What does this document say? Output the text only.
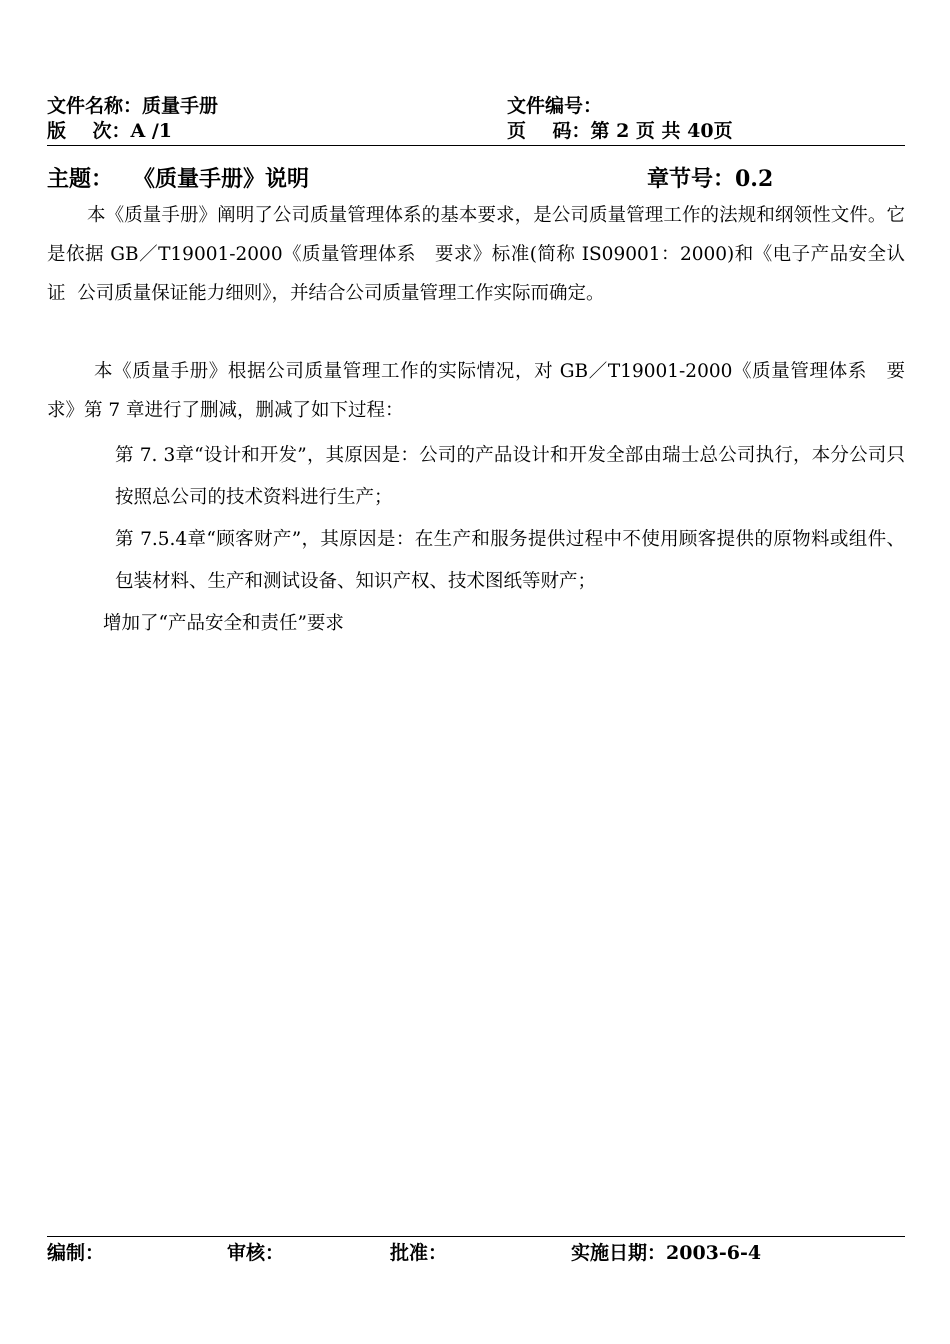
文件名称：质量手册	文件编号：
版    次：A /1	页    码：第 2 页 共 40页
主题： 《质量手册》说明	章节号：0.2
本《质量手册》阐明了公司质量管理体系的基本要求，是公司质量管理工作的法规和纲领性文件。它是依据 GB／T19001-2000《质量管理体系   要求》标准(简称 IS09001：2000)和《电子产品安全认证  公司质量保证能力细则》，并结合公司质量管理工作实际而确定。
本《质量手册》根据公司质量管理工作的实际情况，对 GB／T19001-2000《质量管理体系   要求》第 7 章进行了删减，删减了如下过程：
第 7. 3章“设计和开发”，其原因是：公司的产品设计和开发全部由瑞士总公司执行，本分公司只按照总公司的技术资料进行生产；
第 7.5.4章“顾客财产”，其原因是：在生产和服务提供过程中不使用顾客提供的原物料或组件、包装材料、生产和测试设备、知识产权、技术图纸等财产；
增加了“产品安全和责任”要求
编制：	审核：	批准：	实施日期：2003-6-4
